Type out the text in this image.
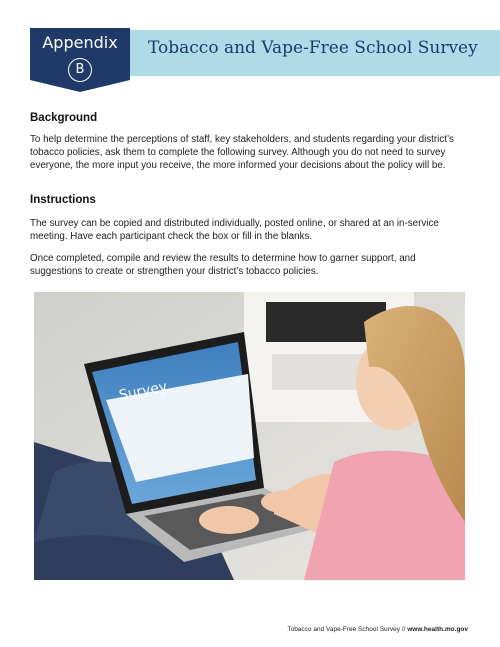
Tobacco and Vape-Free School Survey
Appendix
B
Background
To help determine the perceptions of staff, key stakeholders, and students regarding your district’s tobacco policies, ask them to complete the following survey. Although you do not need to survey everyone, the more input you receive, the more informed your decisions about the policy will be.
Instructions
The survey can be copied and distributed individually, posted online, or shared at an in-service meeting. Have each participant check the box or fill in the blanks.
Once completed, compile and review the results to determine how to garner support, and suggestions to create or strengthen your district’s tobacco policies.
Survey
Tobacco and Vape-Free School Survey // www.health.mo.gov
